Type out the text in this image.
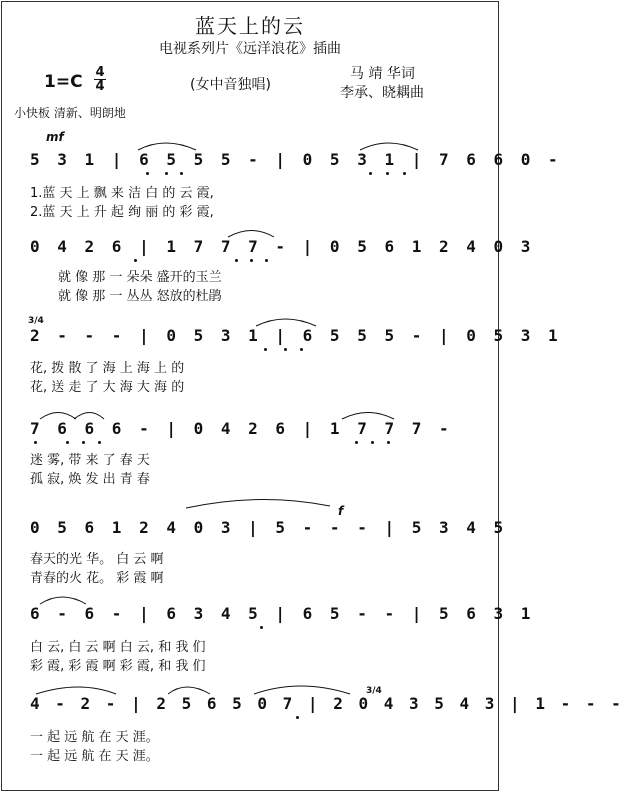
蓝天上的云
电视系列片《远洋浪花》插曲
$1=C \frac{4}{4}$	(女中音独唱)
马 靖 华词
李承、晓耦曲
小快板 清新、明朗地
mf
f
3/4
3/4
5 3 1 | 6 5 5 5 - | 0 5 3 1 | 7 6 6 0 -
1.蓝 天 上 飘 来 洁 白 的 云 霞,
2.蓝 天 上 升 起 绚 丽 的 彩 霞,
0 4 2 6 | 1 7 7 7 - | 0 5 6 1 2 4 0 3
就 像 那 一 朵朵 盛开的玉兰
就 像 那 一 丛丛 怒放的杜鹃
2 - - - | 0 5 3 1 | 6 5 5 5 - | 0 5 3 1
花, 拨 散 了 海 上 海 上 的
花, 送 走 了 大 海 大 海 的
7 6 6 6 - | 0 4 2 6 | 1 7 7 7 -
迷 雾, 带 来 了 春 天
孤 寂, 焕 发 出 青 春
0 5 6 1 2 4 0 3 | 5 - - - | 5 3 4 5
春天的光 华。 白 云 啊
青春的火 花。 彩 霞 啊
6 - 6 - | 6 3 4 5 | 6 5 - - | 5 6 3 1
白 云, 白 云 啊 白 云, 和 我 们
彩 霞, 彩 霞 啊 彩 霞, 和 我 们
4 - 2 - | 2 5 6 5 0 7 | 2 0 4 3 5 4 3 | 1 - - -
一 起 远 航 在 天 涯。
一 起 远 航 在 天 涯。
